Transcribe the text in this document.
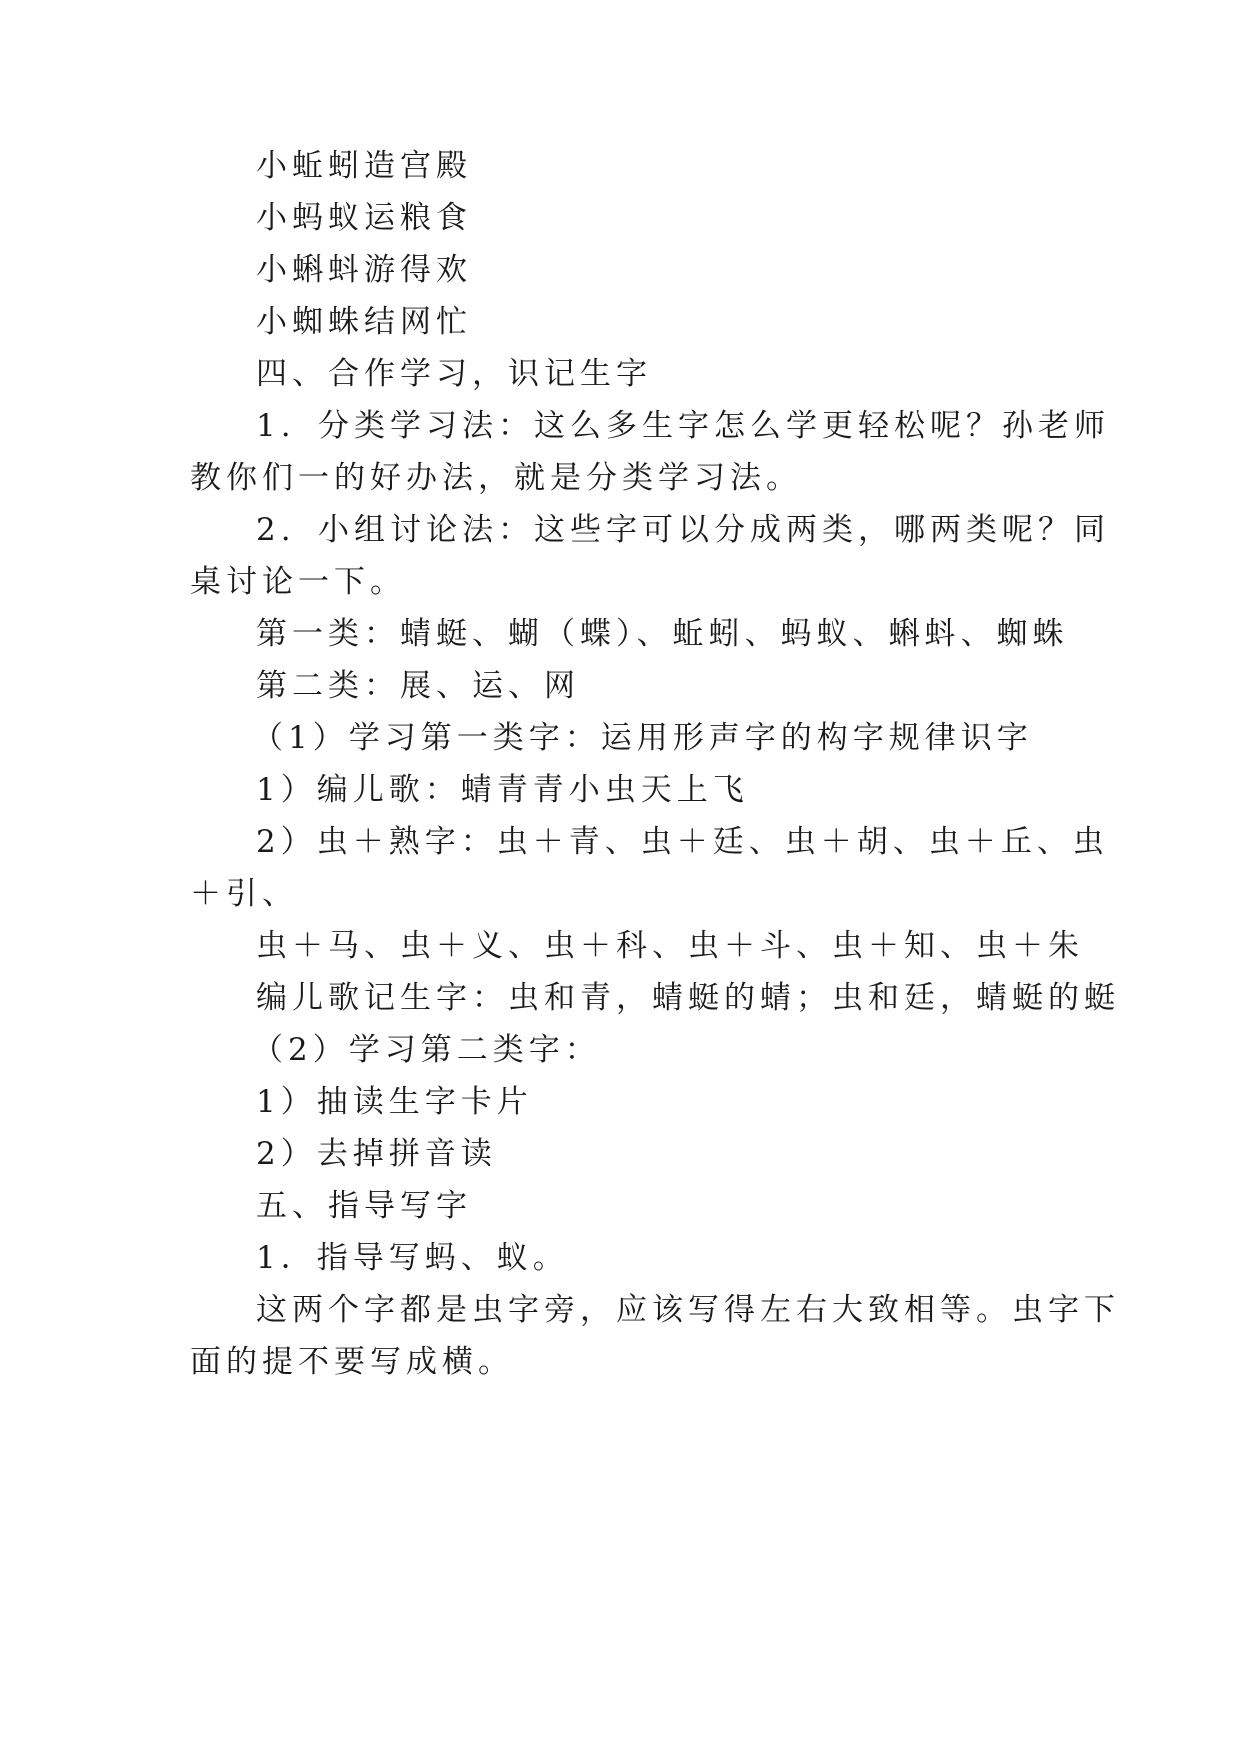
小蚯蚓造宫殿
小蚂蚁运粮食
小蝌蚪游得欢
小蜘蛛结网忙
四、合作学习，识记生字
1. 分类学习法：这么多生字怎么学更轻松呢？孙老师
教你们一的好办法，就是分类学习法。
2. 小组讨论法：这些字可以分成两类，哪两类呢？同
桌讨论一下。
第一类：蜻蜓、蝴（蝶）、蚯蚓、蚂蚁、蝌蚪、蜘蛛
第二类：展、运、网
（1）学习第一类字：运用形声字的构字规律识字
1）编儿歌：蜻青青小虫天上飞
2）虫＋熟字：虫＋青、虫＋廷、虫＋胡、虫＋丘、虫
＋引、
虫＋马、虫＋义、虫＋科、虫＋斗、虫＋知、虫＋朱
编儿歌记生字：虫和青，蜻蜓的蜻；虫和廷，蜻蜓的蜓
（2）学习第二类字：
1）抽读生字卡片
2）去掉拼音读
五、指导写字
1．指导写蚂、蚁。
这两个字都是虫字旁，应该写得左右大致相等。虫字下
面的提不要写成横。
